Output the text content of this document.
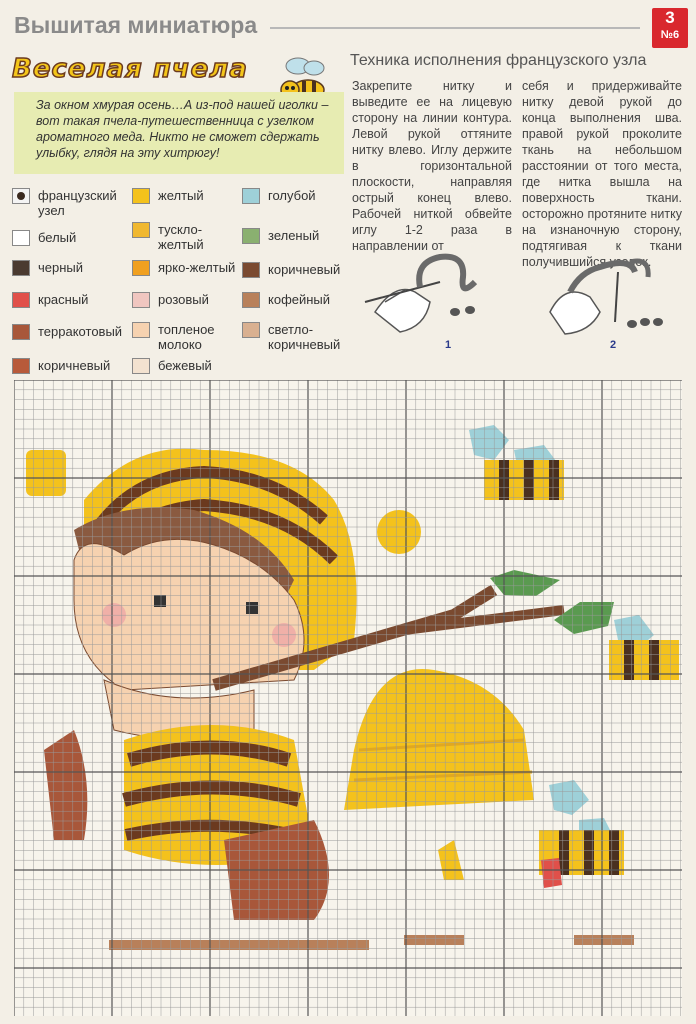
Вышитая миниатюра	3
№6
Веселая пчела
За окном хмурая осень…А из-под нашей иголки – вот такая пчела-путешественница с узелком ароматного меда. Никто не сможет сдержать улыбку, глядя на эту хитрюгу!
французский узел
белый
черный
красный
терракотовый
коричневый
желтый
тускло-желтый
ярко-желтый
розовый
топленое молоко
бежевый
голубой
зеленый
коричневый
кофейный
светло-коричневый
Техника исполнения французского узла
Закрепите нитку и выведите ее на лицевую сторону на линии контура. Левой рукой оттяните нитку влево. Иглу держите в горизонтальной плоскости, направляя острый конец влево. Рабочей ниткой обвейте иглу 1-2 раза в направлении от
себя и придерживайте нитку девой рукой до конца выполнения шва. правой рукой проколите ткань на небольшом расстоянии от того места, где нитка вышла на поверхность ткани. осторожно протяните нитку на изнаночную сторону, подтягивая к ткани получившийся узелок.
1	2
